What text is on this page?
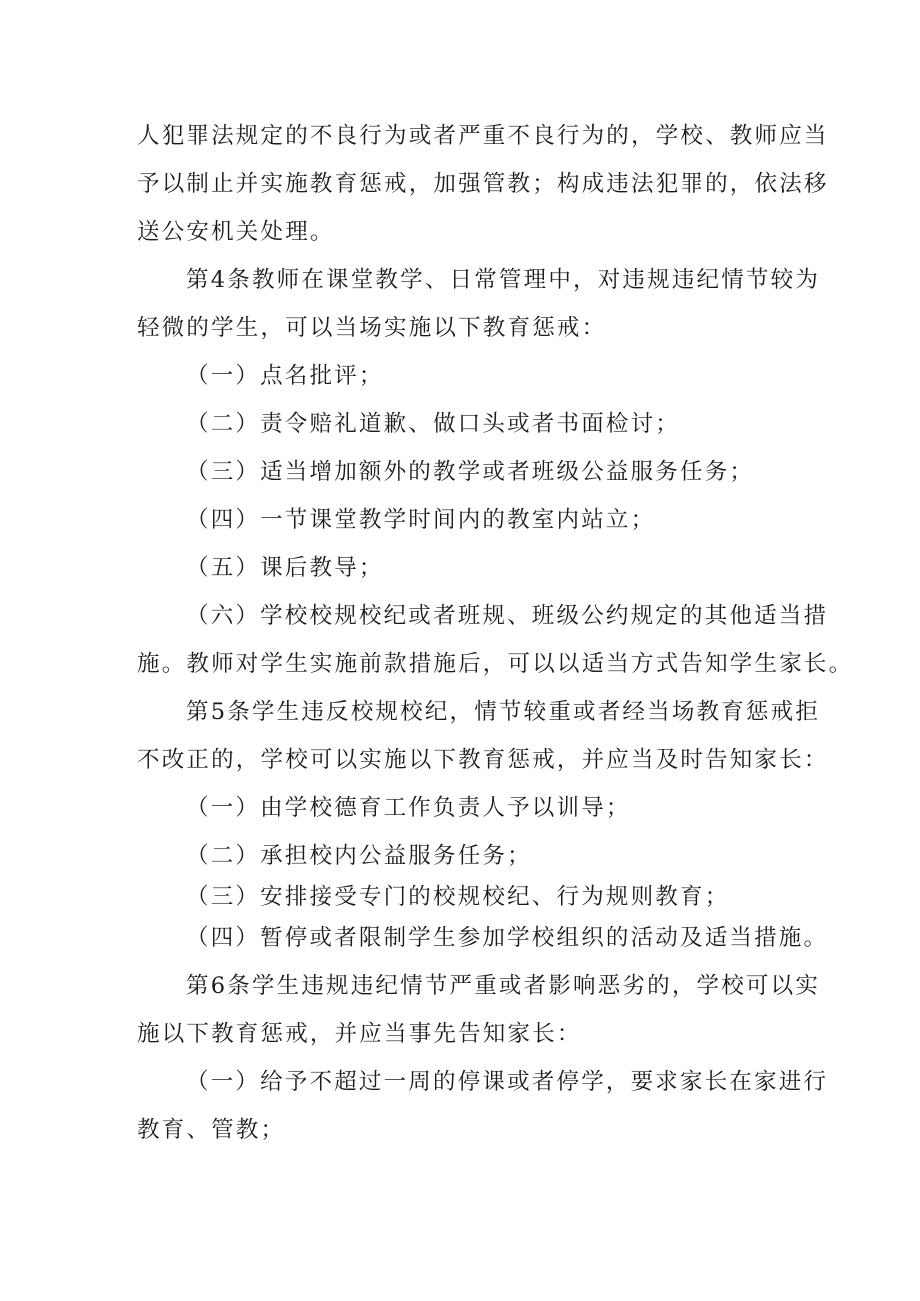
人犯罪法规定的不良行为或者严重不良行为的，学校、教师应当
予以制止并实施教育惩戒，加强管教；构成违法犯罪的，依法移
送公安机关处理。
第4条教师在课堂教学、日常管理中，对违规违纪情节较为
轻微的学生，可以当场实施以下教育惩戒：
（一）点名批评；
（二）责令赔礼道歉、做口头或者书面检讨；
（三）适当增加额外的教学或者班级公益服务任务；
（四）一节课堂教学时间内的教室内站立；
（五）课后教导；
（六）学校校规校纪或者班规、班级公约规定的其他适当措
施。教师对学生实施前款措施后，可以以适当方式告知学生家长。
第5条学生违反校规校纪，情节较重或者经当场教育惩戒拒
不改正的，学校可以实施以下教育惩戒，并应当及时告知家长：
（一）由学校德育工作负责人予以训导；
（二）承担校内公益服务任务；
（三）安排接受专门的校规校纪、行为规则教育；
（四）暂停或者限制学生参加学校组织的活动及适当措施。
第6条学生违规违纪情节严重或者影响恶劣的，学校可以实
施以下教育惩戒，并应当事先告知家长：
（一）给予不超过一周的停课或者停学，要求家长在家进行
教育、管教；
